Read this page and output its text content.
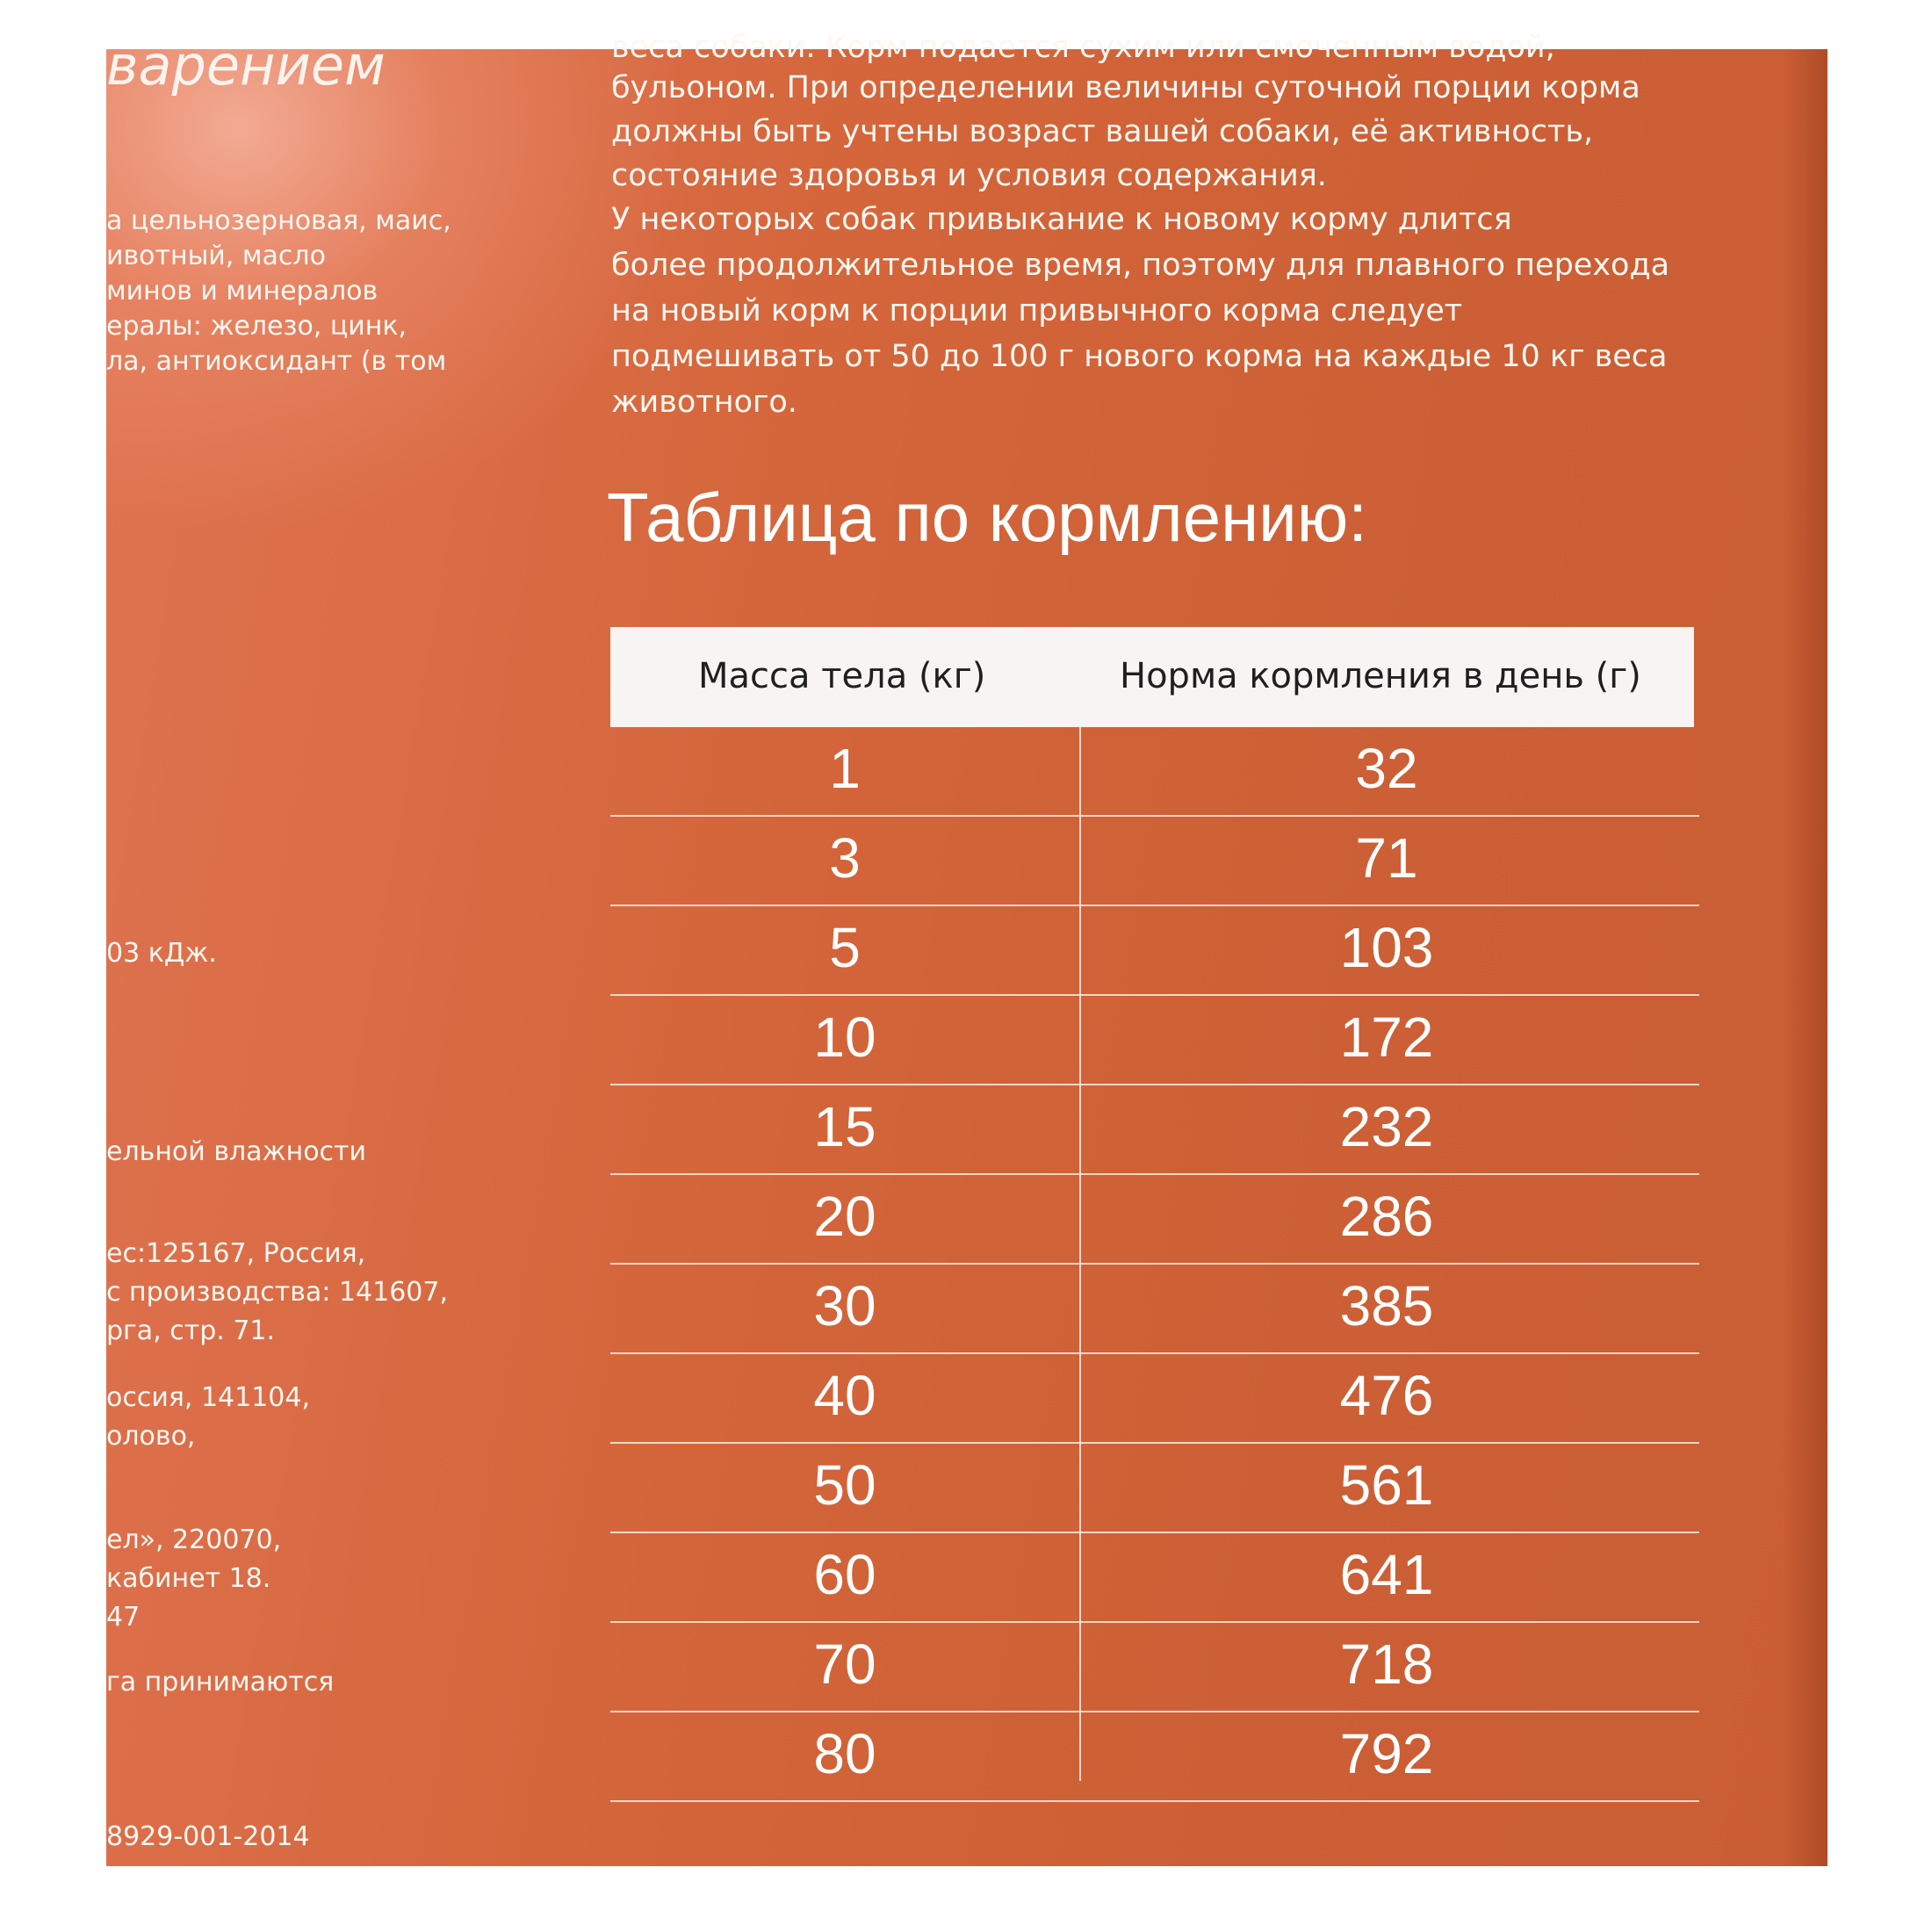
варением
а цельнозерновая, маис,
ивотный, масло
минов и минералов
ералы: железо, цинк,
ла, антиоксидант (в том
03 кДж.
ельной влажности
ес:125167, Россия,
с производства: 141607,
рга, стр. 71.
оссия, 141104,
олово,
ел», 220070,
кабинет 18.
47
га принимаются
8929-001-2014
веса собаки. Корм подается сухим или смоченным водой,
бульоном. При определении величины суточной порции корма
должны быть учтены возраст вашей собаки, её активность,
состояние здоровья и условия содержания.
У некоторых собак привыкание к новому корму длится
более продолжительное время, поэтому для плавного перехода
на новый корм к порции привычного корма следует
подмешивать от 50 до 100 г нового корма на каждые 10 кг веса
животного.
Таблица по кормлению:
Масса тела (кг)	Норма кормления в день (г)
1	32
3	71
5	103
10	172
15	232
20	286
30	385
40	476
50	561
60	641
70	718
80	792
